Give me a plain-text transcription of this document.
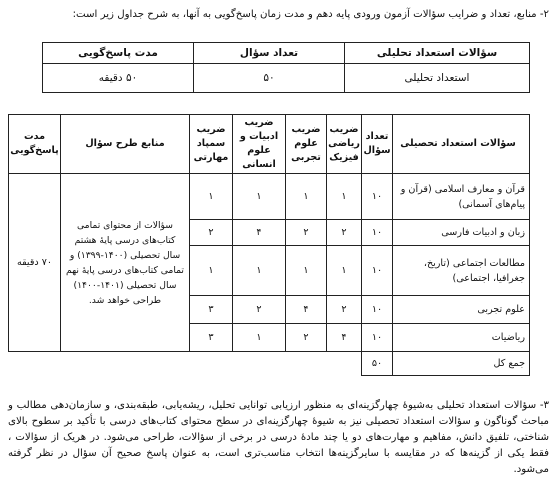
۲- منابع، تعداد و ضرایب سؤالات آزمون ورودی پایه دهم و مدت زمان پاسخ‌گویی به آنها، به شرح جداول زیر است:

سؤالات استعداد تحلیلی	تعداد سؤال	مدت پاسخ‌گویی
استعداد تحلیلی	۵۰	۵۰ دقیقه
سؤالات استعداد تحصیلی	تعداد سؤال	ضریب ریاضی فیزیک	ضریب علوم تجربی	ضریب ادبیات و علوم انسانی	ضریب سمپاد مهارتی	منابع طرح سؤال	مدت پاسخ‌گویی
قرآن و معارف اسلامی (قرآن و پیام‌های آسمانی)	۱۰	۱	۱	۱	۱	سؤالات از محتوای تمامی کتاب‌های درسی پایهٔ هشتم سال تحصیلی (۱۴۰۰-۱۳۹۹) و تمامی کتاب‌های درسی پایهٔ نهم سال تحصیلی (۱۴۰۱-۱۴۰۰) طراحی خواهد شد.	۷۰ دقیقه
زبان و ادبیات فارسی	۱۰	۲	۲	۴	۲		
مطالعات اجتماعی (تاریخ، جغرافیا، اجتماعی)	۱۰	۱	۱	۱	۱		
علوم تجربی	۱۰	۲	۴	۲	۳		
ریاضیات	۱۰	۴	۲	۱	۳		
جمع کل	۵۰						

۳- سؤالات استعداد تحلیلی به‌شیوهٔ چهارگزینه‌ای به منظور ارزیابی توانایی تحلیل، ریشه‌یابی، طبقه‌بندی، و سازمان‌دهی مطالب و مباحث گوناگون و سؤالات استعداد تحصیلی نیز به شیوهٔ چهارگزینه‌ای در سطح محتوای کتاب‌های درسی با تأکید بر سطوح بالای شناختی، تلفیق دانش، مفاهیم و مهارت‌های دو یا چند مادهٔ درسی در برخی از سؤالات، طراحی می‌شود. در هریک از سؤالات ، فقط یکی از گزینه‌ها که در مقایسه با سایرگزینه‌ها انتخاب مناسب‌تری است، به عنوان پاسخ صحیح آن سؤال در نظر گرفته می‌شود.
